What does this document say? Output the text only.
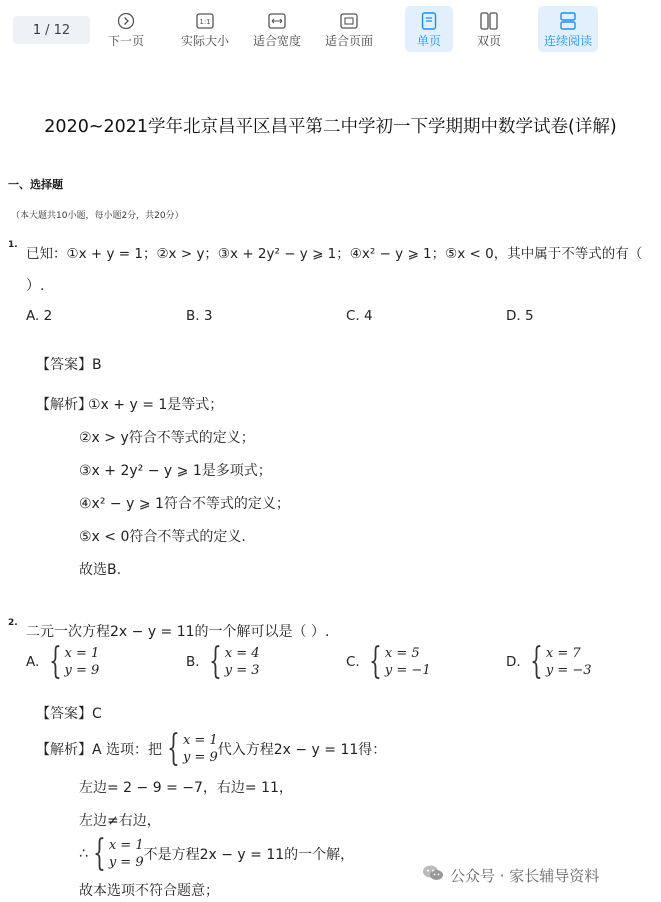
1 / 12
下一页
1:1
实际大小 适合宽度 适合页面	单页	双页	连续阅读
2020~2021学年北京昌平区昌平第二中学初一下学期期中数学试卷(详解)
一、选择题
（本大题共10小题，每小题2分，共20分）
1.
已知：①x + y = 1；②x > y；③x + 2y² − y ⩾ 1；④x² − y ⩾ 1；⑤x < 0，其中属于不等式的有（
）.
A. 2	B. 3	C. 4	D. 5
【答案】B
【解析】
①x + y = 1是等式；
②x > y符合不等式的定义；
③x + 2y² − y ⩾ 1是多项式；
④x² − y ⩾ 1符合不等式的定义；
⑤x < 0符合不等式的定义.
故选B.
2.
二元一次方程2x − y = 11的一个解可以是（ ）.
A. { x = 1
y = 9
B. { x = 4
y = 3
C. { x = 5
y = −1
D. { x = 7
y = −3
【答案】C
【解析】 A 选项：把 { x = 1
y = 9 代入方程2x − y = 11得：
左边= 2 − 9 = −7，右边= 11，
左边≠右边，
∴ { x = 1
y = 9 不是方程2x − y = 11的一个解，
故本选项不符合题意；
公众号 · 家长辅导资料
